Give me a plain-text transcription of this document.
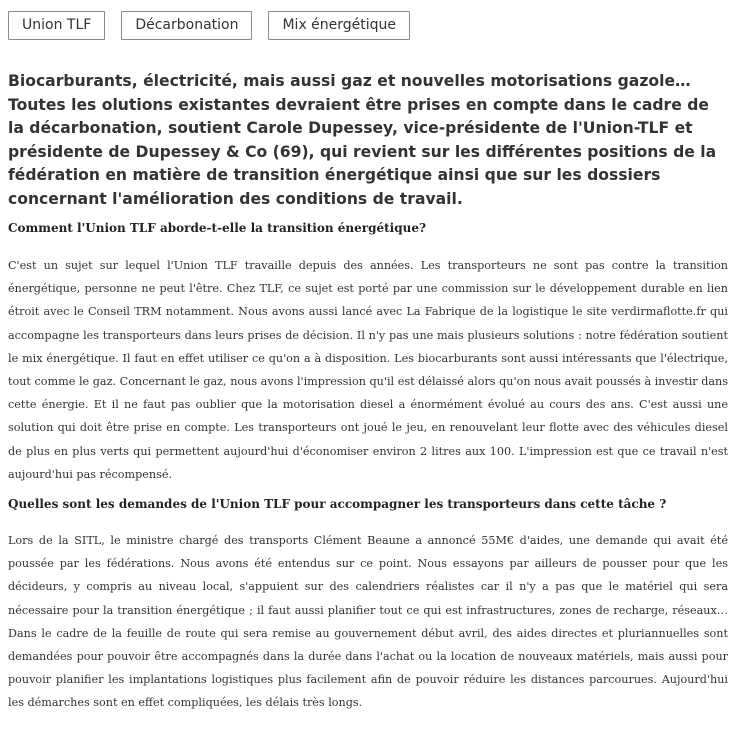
Union TLF	Décarbonation	Mix énergétique

Biocarburants, électricité, mais aussi gaz et nouvelles motorisations gazole… Toutes les olutions existantes devraient être prises en compte dans le cadre de la décarbonation, soutient Carole Dupessey, vice-présidente de l'Union-TLF et présidente de Dupessey & Co (69), qui revient sur les différentes positions de la fédération en matière de transition énergétique ainsi que sur les dossiers concernant l'amélioration des conditions de travail.

Comment l'Union TLF aborde-t-elle la transition énergétique?

C'est un sujet sur lequel l'Union TLF travaille depuis des années. Les transporteurs ne sont pas contre la transition énergétique, personne ne peut l'être. Chez TLF, ce sujet est porté par une commission sur le développement durable en lien étroit avec le Conseil TRM notamment. Nous avons aussi lancé avec La Fabrique de la logistique le site verdirmaflotte.fr qui accompagne les transporteurs dans leurs prises de décision. Il n'y pas une mais plusieurs solutions : notre fédération soutient le mix énergétique. Il faut en effet utiliser ce qu'on a à disposition. Les biocarburants sont aussi intéressants que l'électrique, tout comme le gaz. Concernant le gaz, nous avons l'impression qu'il est délaissé alors qu'on nous avait poussés à investir dans cette énergie. Et il ne faut pas oublier que la motorisation diesel a énormément évolué au cours des ans. C'est aussi une solution qui doit être prise en compte. Les transporteurs ont joué le jeu, en renouvelant leur flotte avec des véhicules diesel de plus en plus verts qui permettent aujourd'hui d'économiser environ 2 litres aux 100. L'impression est que ce travail n'est aujourd'hui pas récompensé.

Quelles sont les demandes de l'Union TLF pour accompagner les transporteurs dans cette tâche ?

Lors de la SITL, le ministre chargé des transports Clément Beaune a annoncé 55M€ d'aides, une demande qui avait été poussée par les fédérations. Nous avons été entendus sur ce point. Nous essayons par ailleurs de pousser pour que les décideurs, y compris au niveau local, s'appuient sur des calendriers réalistes car il n'y a pas que le matériel qui sera nécessaire pour la transition énergétique ; il faut aussi planifier tout ce qui est infrastructures, zones de recharge, réseaux… Dans le cadre de la feuille de route qui sera remise au gouvernement début avril, des aides directes et pluriannuelles sont demandées pour pouvoir être accompagnés dans la durée dans l'achat ou la location de nouveaux matériels, mais aussi pour pouvoir planifier les implantations logistiques plus facilement afin de pouvoir réduire les distances parcourues. Aujourd'hui les démarches sont en effet compliquées, les délais très longs.
